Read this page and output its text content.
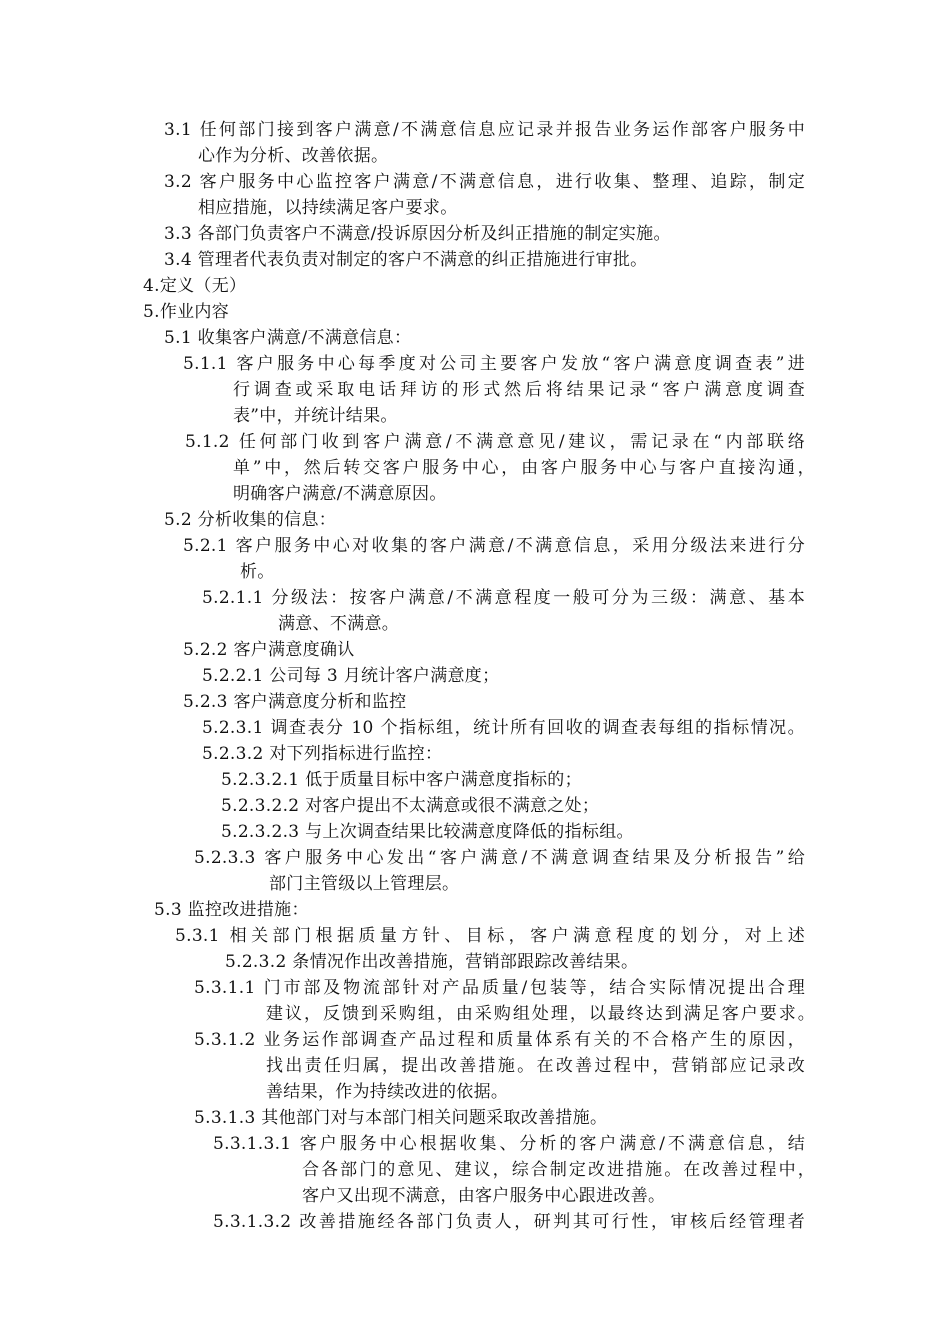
3.1 任何部门接到客户满意/不满意信息应记录并报告业务运作部客户服务中
心作为分析、改善依据。
3.2 客户服务中心监控客户满意/不满意信息，进行收集、整理、追踪，制定
相应措施，以持续满足客户要求。
3.3 各部门负责客户不满意/投诉原因分析及纠正措施的制定实施。
3.4 管理者代表负责对制定的客户不满意的纠正措施进行审批。
4.定义（无）
5.作业内容
5.1 收集客户满意/不满意信息：
5.1.1 客户服务中心每季度对公司主要客户发放“客户满意度调查表”进
行调查或采取电话拜访的形式然后将结果记录“客户满意度调查
表”中，并统计结果。
5.1.2 任何部门收到客户满意/不满意意见/建议，需记录在“内部联络
单”中，然后转交客户服务中心，由客户服务中心与客户直接沟通，
明确客户满意/不满意原因。
5.2 分析收集的信息：
5.2.1 客户服务中心对收集的客户满意/不满意信息，采用分级法来进行分
析。
5.2.1.1 分级法：按客户满意/不满意程度一般可分为三级：满意、基本
满意、不满意。
5.2.2 客户满意度确认
5.2.2.1 公司每 3 月统计客户满意度；
5.2.3 客户满意度分析和监控
5.2.3.1 调查表分 10 个指标组，统计所有回收的调查表每组的指标情况。
5.2.3.2 对下列指标进行监控：
5.2.3.2.1 低于质量目标中客户满意度指标的；
5.2.3.2.2 对客户提出不太满意或很不满意之处；
5.2.3.2.3 与上次调查结果比较满意度降低的指标组。
5.2.3.3 客户服务中心发出“客户满意/不满意调查结果及分析报告”给
部门主管级以上管理层。
5.3 监控改进措施：
5.3.1 相关部门根据质量方针、目标，客户满意程度的划分，对上述
5.2.3.2 条情况作出改善措施，营销部跟踪改善结果。
5.3.1.1 门市部及物流部针对产品质量/包装等，结合实际情况提出合理
建议，反馈到采购组，由采购组处理，以最终达到满足客户要求。
5.3.1.2 业务运作部调查产品过程和质量体系有关的不合格产生的原因，
找出责任归属，提出改善措施。在改善过程中，营销部应记录改
善结果，作为持续改进的依据。
5.3.1.3 其他部门对与本部门相关问题采取改善措施。
5.3.1.3.1 客户服务中心根据收集、分析的客户满意/不满意信息，结
合各部门的意见、建议，综合制定改进措施。在改善过程中，
客户又出现不满意，由客户服务中心跟进改善。
5.3.1.3.2 改善措施经各部门负责人，研判其可行性，审核后经管理者
